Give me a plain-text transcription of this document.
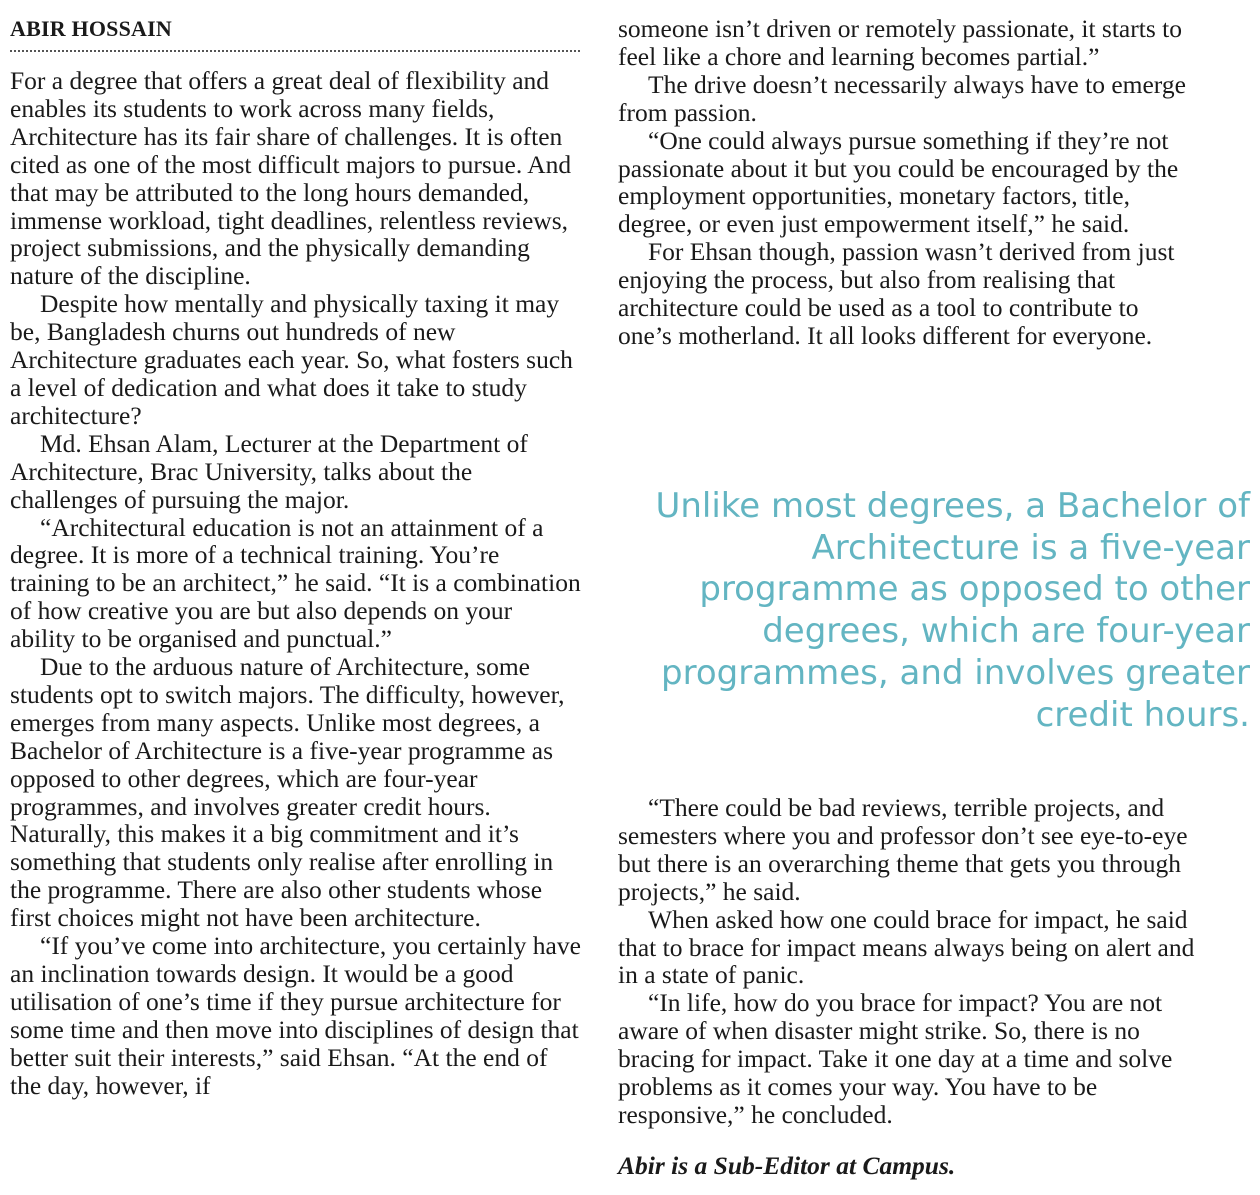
ABIR HOSSAIN

For a degree that offers a great deal of flexibility and enables its students to work across many fields, Architecture has its fair share of challenges. It is often cited as one of the most difficult majors to pursue. And that may be attributed to the long hours demanded, immense workload, tight deadlines, relentless reviews, project submissions, and the physically demanding nature of the discipline.

Despite how mentally and physically taxing it may be, Bangladesh churns out hundreds of new Architecture graduates each year. So, what fosters such a level of dedication and what does it take to study architecture?

Md. Ehsan Alam, Lecturer at the Department of Architecture, Brac University, talks about the challenges of pursuing the major.

“Architectural education is not an attainment of a degree. It is more of a technical training. You’re training to be an architect,” he said. “It is a combination of how creative you are but also depends on your ability to be organised and punctual.”

Due to the arduous nature of Architecture, some students opt to switch majors. The difficulty, however, emerges from many aspects. Unlike most degrees, a Bachelor of Architecture is a five-year programme as opposed to other degrees, which are four-year programmes, and involves greater credit hours. Naturally, this makes it a big commitment and it’s something that students only realise after enrolling in the programme. There are also other students whose first choices might not have been architecture.

“If you’ve come into architecture, you certainly have an inclination towards design. It would be a good utilisation of one’s time if they pursue architecture for some time and then move into disciplines of design that better suit their interests,” said Ehsan. “At the end of the day, however, if

someone isn’t driven or remotely passionate, it starts to feel like a chore and learning becomes partial.”

The drive doesn’t necessarily always have to emerge from passion.

“One could always pursue something if they’re not passionate about it but you could be encouraged by the employment opportunities, monetary factors, title, degree, or even just empowerment itself,” he said.

For Ehsan though, passion wasn’t derived from just enjoying the process, but also from realising that architecture could be used as a tool to contribute to one’s motherland. It all looks different for everyone.

Unlike most degrees, a Bachelor of Architecture is a five-year programme as opposed to other degrees, which are four-year programmes, and involves greater credit hours.

“There could be bad reviews, terrible projects, and semesters where you and professor don’t see eye-to-eye but there is an overarching theme that gets you through projects,” he said.

When asked how one could brace for impact, he said that to brace for impact means always being on alert and in a state of panic.

“In life, how do you brace for impact? You are not aware of when disaster might strike. So, there is no bracing for impact. Take it one day at a time and solve problems as it comes your way. You have to be responsive,” he concluded.

Abir is a Sub-Editor at Campus.
